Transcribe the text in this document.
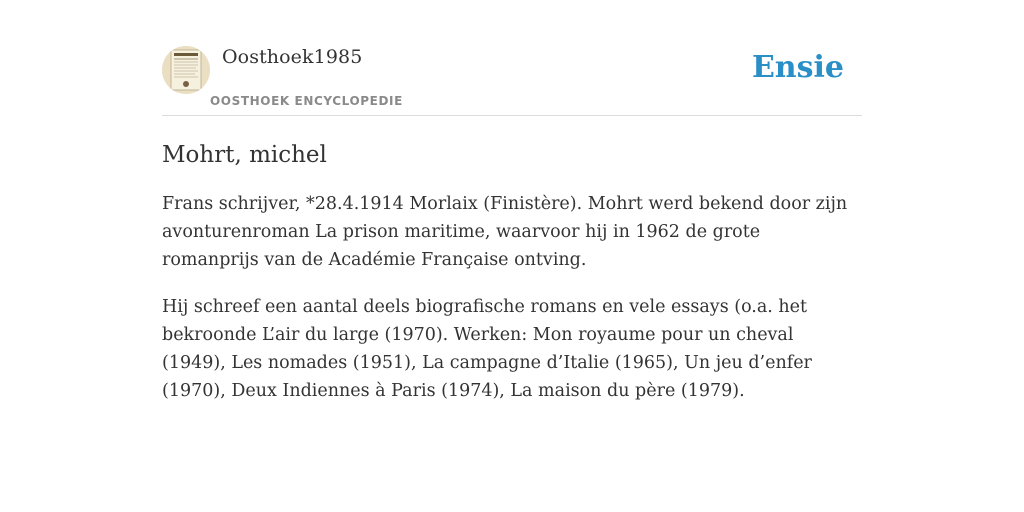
Oosthoek1985
OOSTHOEK ENCYCLOPEDIE
Ensie
Mohrt, michel

Frans schrijver, *28.4.1914 Morlaix (Finistère). Mohrt werd bekend door zijn avonturenroman La prison maritime, waarvoor hij in 1962 de grote romanprijs van de Académie Française ontving.

Hij schreef een aantal deels biografische romans en vele essays (o.a. het bekroonde L’air du large (1970). Werken: Mon royaume pour un cheval (1949), Les nomades (1951), La campagne d’Italie (1965), Un jeu d’enfer (1970), Deux Indiennes à Paris (1974), La maison du père (1979).
